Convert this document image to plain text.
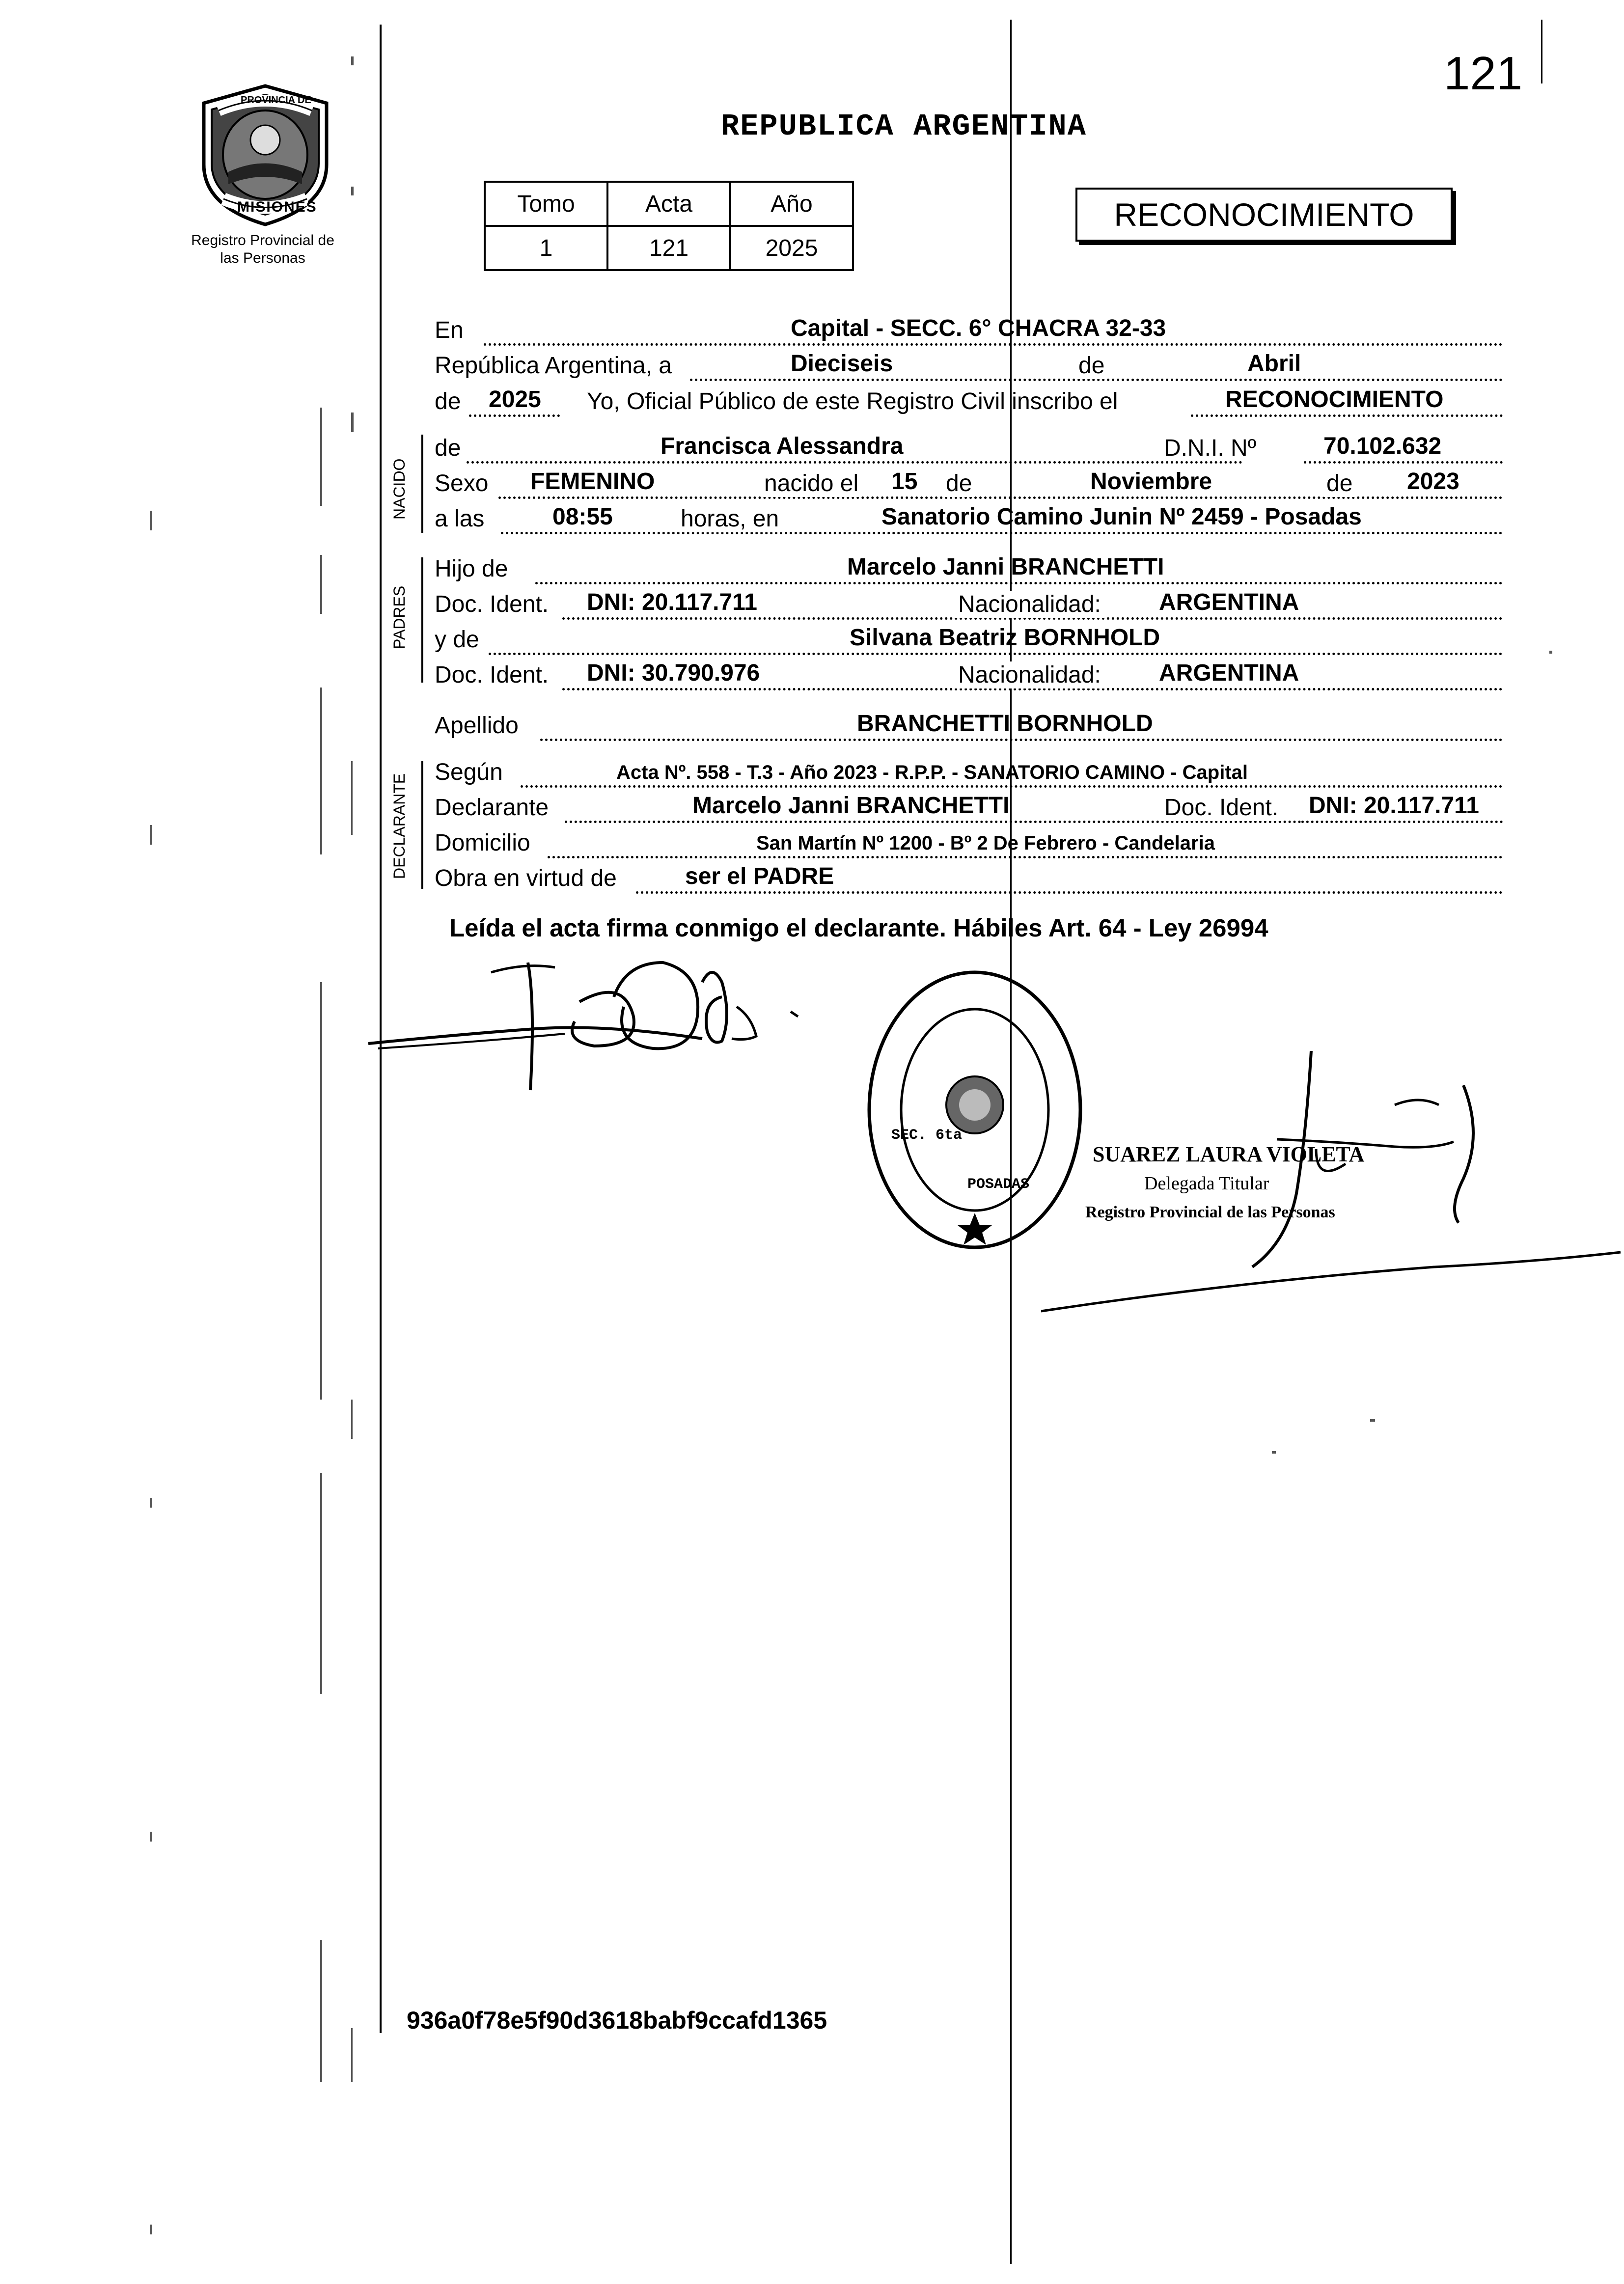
121
PROVINCIA DE
MISIONES
Registro Provincial de las Personas
REPUBLICA ARGENTINA
Tomo	Acta	Año
1	121	2025
RECONOCIMIENTO
En	Capital - SECC. 6° CHACRA 32-33
República Argentina, a	Dieciseis	de	Abril
de 2025 Yo, Oficial Público de este Registro Civil inscribo el	RECONOCIMIENTO
NACIDO
de	Francisca Alessandra	D.N.I. Nº	70.102.632
Sexo FEMENINO	nacido el 15 de	Noviembre	de 2023
a las	08:55	horas, en	Sanatorio Camino Junin Nº 2459 - Posadas
PADRES
Hijo de	Marcelo Janni BRANCHETTI
Doc. Ident. DNI: 20.117.711	Nacionalidad: ARGENTINA
y de	Silvana Beatriz BORNHOLD
Doc. Ident. DNI: 30.790.976	Nacionalidad: ARGENTINA
Apellido	BRANCHETTI BORNHOLD
DECLARANTE
Según	Acta Nº. 558 - T.3 - Año 2023 - R.P.P. - SANATORIO CAMINO - Capital
Declarante	Marcelo Janni BRANCHETTI	Doc. Ident. DNI: 20.117.711
Domicilio	San Martín Nº 1200 - Bº 2 De Febrero - Candelaria
Obra en virtud de	ser el PADRE
Leída el acta firma conmigo el declarante. Hábiles Art. 64 - Ley 26994
SEC. 6ta
POSADAS
SUAREZ LAURA VIOLETA
Delegada Titular
Registro Provincial de las Personas
936a0f78e5f90d3618babf9ccafd1365
